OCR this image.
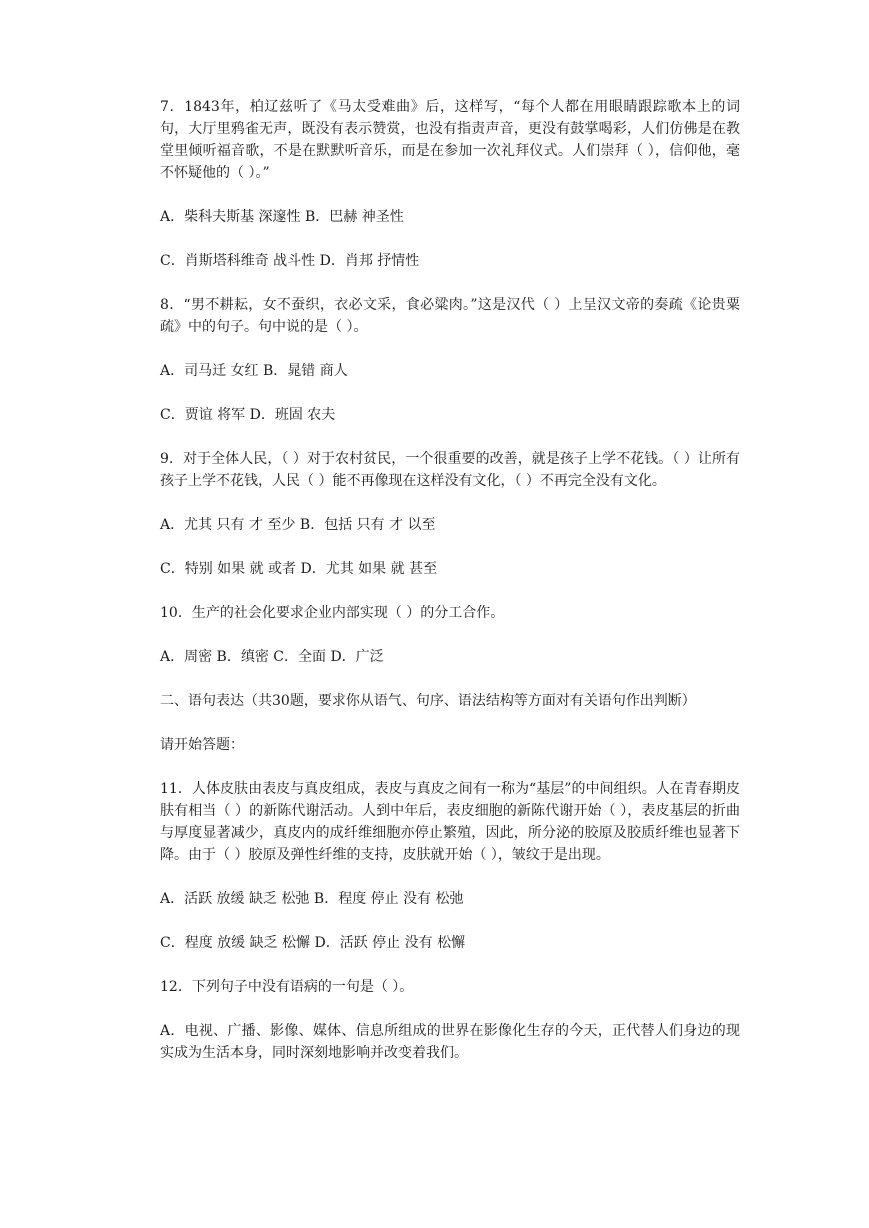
7．1843年，柏辽兹听了《马太受难曲》后，这样写，“每个人都在用眼睛跟踪歌本上的词句，大厅里鸦雀无声，既没有表示赞赏，也没有指责声音，更没有鼓掌喝彩，人们仿佛是在教堂里倾听福音歌，不是在默默听音乐，而是在参加一次礼拜仪式。人们崇拜（ ），信仰他，毫不怀疑他的（ ）。”

A．柴科夫斯基 深邃性 B．巴赫 神圣性

C．肖斯塔科维奇 战斗性 D．肖邦 抒情性

8．“男不耕耘，女不蚕织，衣必文采，食必粱肉。”这是汉代（ ）上呈汉文帝的奏疏《论贵粟疏》中的句子。句中说的是（ ）。

A．司马迁 女红 B．晁错 商人

C．贾谊 将军 D．班固 农夫

9．对于全体人民，（ ）对于农村贫民，一个很重要的改善，就是孩子上学不花钱。（ ）让所有孩子上学不花钱，人民（ ）能不再像现在这样没有文化，（ ）不再完全没有文化。

A．尤其 只有 才 至少 B．包括 只有 才 以至

C．特别 如果 就 或者 D．尤其 如果 就 甚至

10．生产的社会化要求企业内部实现（ ）的分工合作。

A．周密 B．缜密 C．全面 D．广泛

二、语句表达（共30题，要求你从语气、句序、语法结构等方面对有关语句作出判断）

请开始答题：

11．人体皮肤由表皮与真皮组成，表皮与真皮之间有一称为“基层”的中间组织。人在青春期皮肤有相当（ ）的新陈代谢活动。人到中年后，表皮细胞的新陈代谢开始（ ），表皮基层的折曲与厚度显著减少，真皮内的成纤维细胞亦停止繁殖，因此，所分泌的胶原及胶质纤维也显著下降。由于（ ）胶原及弹性纤维的支持，皮肤就开始（ ），皱纹于是出现。

A．活跃 放缓 缺乏 松弛 B．程度 停止 没有 松弛

C．程度 放缓 缺乏 松懈 D．活跃 停止 没有 松懈

12．下列句子中没有语病的一句是（ ）。

A．电视、广播、影像、媒体、信息所组成的世界在影像化生存的今天，正代替人们身边的现实成为生活本身，同时深刻地影响并改变着我们。
